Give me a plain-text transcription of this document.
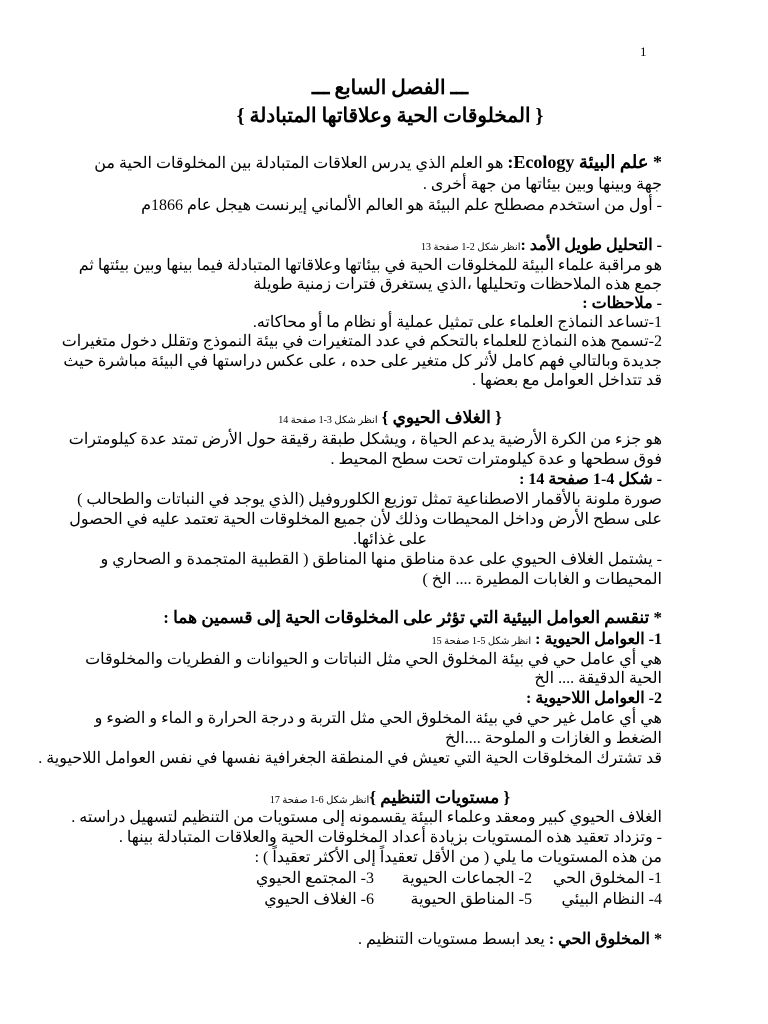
1
ـــ الفصل السابع ـــ
{ المخلوقات الحية وعلاقاتها المتبادلة }
* علم البيئة Ecology: هو العلم الذي يدرس العلاقات المتبادلة بين المخلوقات الحية من
جهة وبينها وبين بيئاتها من جهة أخرى .
- أول من استخدم مصطلح علم البيئة هو العالم الألماني إيرنست هيجل عام 1866م
- التحليل طويل الأمد :انظر شكل 2-1 صفحة 13
هو مراقبة علماء البيئة للمخلوقات الحية في بيئاتها وعلاقاتها المتبادلة فيما بينها وبين بيئتها ثم
جمع هذه الملاحظات وتحليلها ،الذي يستغرق فترات زمنية طويلة
- ملاحظات :
1-تساعد النماذج العلماء على تمثيل عملية أو نظام ما أو محاكاته.
2-تسمح هذه النماذج للعلماء بالتحكم في عدد المتغيرات في بيئة النموذج وتقلل دخول متغيرات
جديدة وبالتالي فهم كامل لأثر كل متغير على حده ، على عكس دراستها في البيئة مباشرة حيث
قد تتداخل العوامل مع بعضها .
{ الغلاف الحيوي } انظر شكل 3-1 صفحة 14
هو جزء من الكرة الأرضية يدعم الحياة ، ويشكل طبقة رقيقة حول الأرض تمتد عدة كيلومترات
فوق سطحها و عدة كيلومترات تحت سطح المحيط .
- شكل 4-1 صفحة 14 :
صورة ملونة بالأقمار الاصطناعية تمثل توزيع الكلوروفيل (الذي يوجد في النباتات والطحالب )
على سطح الأرض وداخل المحيطات وذلك لأن جميع المخلوقات الحية تعتمد عليه في الحصول
على غذائها.
- يشتمل الغلاف الحيوي على عدة مناطق منها المناطق ( القطبية المتجمدة و الصحاري و
المحيطات و الغابات المطيرة .... الخ )
* تنقسم العوامل البيئية التي تؤثر على المخلوقات الحية إلى قسمين هما :
1- العوامل الحيوية : انظر شكل 5-1 صفحة 15
هي أي عامل حي في بيئة المخلوق الحي مثل النباتات و الحيوانات و الفطريات والمخلوقات
الحية الدقيقة .... الخ
2- العوامل اللاحيوية :
هي أي عامل غير حي في بيئة المخلوق الحي مثل التربة و درجة الحرارة و الماء و الضوء و
الضغط و الغازات و الملوحة ....الخ
قد تشترك المخلوقات الحية التي تعيش في المنطقة الجغرافية نفسها في نفس العوامل اللاحيوية .
{ مستويات التنظيم }انظر شكل 6-1 صفحة 17
الغلاف الحيوي كبير ومعقد وعلماء البيئة يقسمونه إلى مستويات من التنظيم لتسهيل دراسته .
- وتزداد تعقيد هذه المستويات بزيادة أعداد المخلوقات الحية والعلاقات المتبادلة بينها .
من هذه المستويات ما يلي ( من الأقل تعقيداً إلى الأكثر تعقيداً ) :
1- المخلوق الحي
2- الجماعات الحيوية
3- المجتمع الحيوي
4- النظام البيئي
5- المناطق الحيوية
6- الغلاف الحيوي
* المخلوق الحي : يعد ابسط مستويات التنظيم .
